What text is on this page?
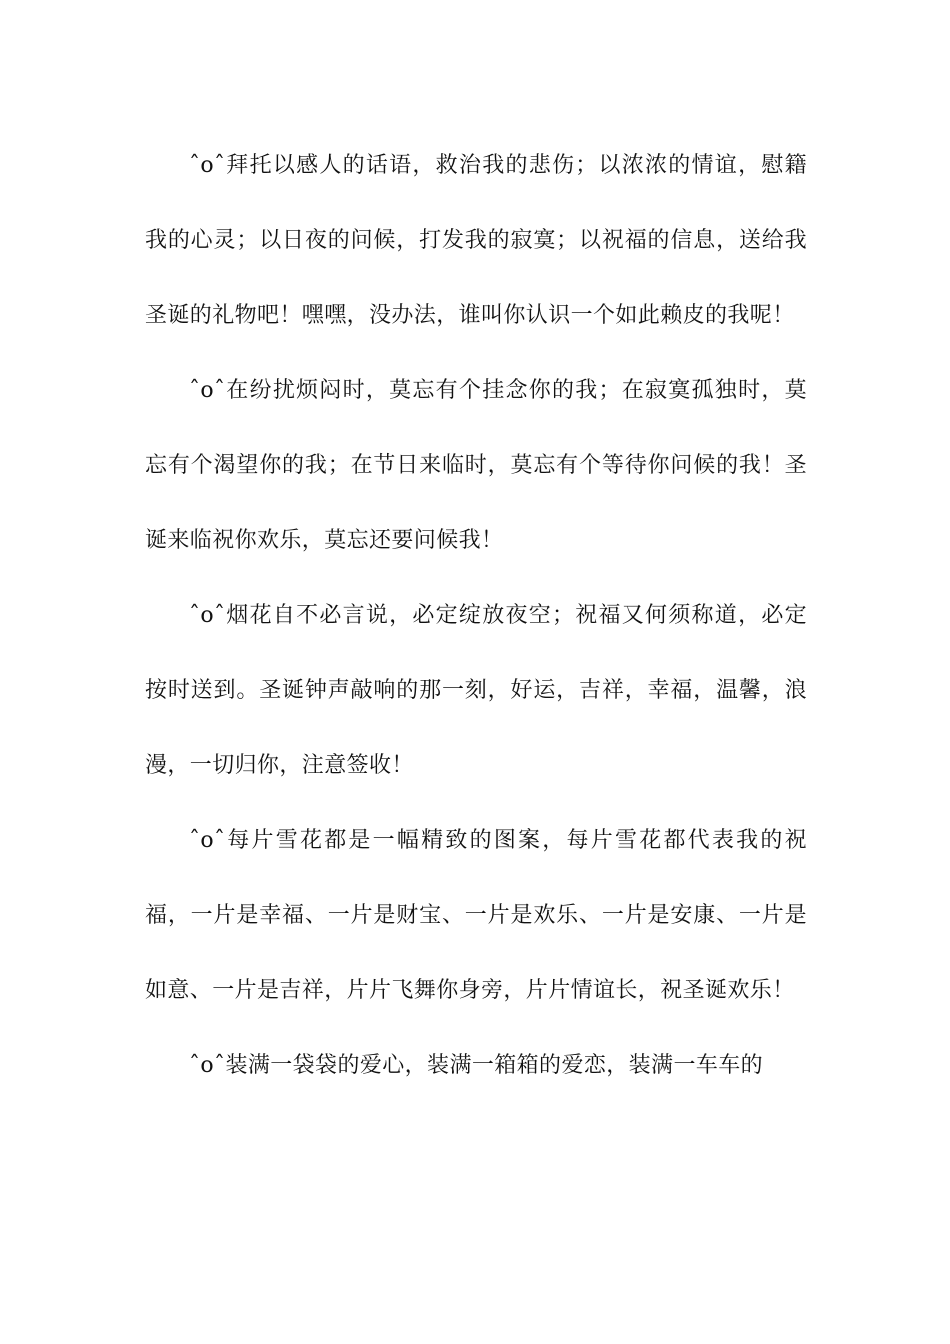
ˆoˆ拜托以感人的话语，救治我的悲伤；以浓浓的情谊，慰籍我的心灵；以日夜的问候，打发我的寂寞；以祝福的信息，送给我圣诞的礼物吧！嘿嘿，没办法，谁叫你认识一个如此赖皮的我呢！

ˆoˆ在纷扰烦闷时，莫忘有个挂念你的我；在寂寞孤独时，莫忘有个渴望你的我；在节日来临时，莫忘有个等待你问候的我！圣诞来临祝你欢乐，莫忘还要问候我！

ˆoˆ烟花自不必言说，必定绽放夜空；祝福又何须称道，必定按时送到。圣诞钟声敲响的那一刻，好运，吉祥，幸福，温馨，浪漫，一切归你，注意签收！

ˆoˆ每片雪花都是一幅精致的图案，每片雪花都代表我的祝福，一片是幸福、一片是财宝、一片是欢乐、一片是安康、一片是如意、一片是吉祥，片片飞舞你身旁，片片情谊长，祝圣诞欢乐！

ˆoˆ装满一袋袋的爱心，装满一箱箱的爱恋，装满一车车的
